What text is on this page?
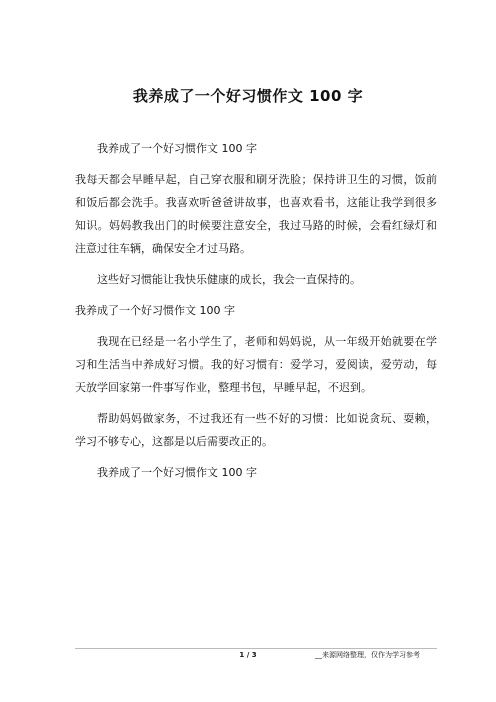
我养成了一个好习惯作文 100 字

我养成了一个好习惯作文 100 字

我每天都会早睡早起，自己穿衣服和刷牙洗脸；保持讲卫生的习惯，饭前和饭后都会洗手。我喜欢听爸爸讲故事，也喜欢看书，这能让我学到很多知识。妈妈教我出门的时候要注意安全，我过马路的时候，会看红绿灯和注意过往车辆，确保安全才过马路。

这些好习惯能让我快乐健康的成长，我会一直保持的。

我养成了一个好习惯作文 100 字

我现在已经是一名小学生了，老师和妈妈说，从一年级开始就要在学习和生活当中养成好习惯。我的好习惯有：爱学习，爱阅读，爱劳动，每天放学回家第一件事写作业，整理书包，早睡早起，不迟到。

帮助妈妈做家务，不过我还有一些不好的习惯：比如说贪玩、耍赖，学习不够专心，这都是以后需要改正的。

我养成了一个好习惯作文 100 字

1 / 3	__来源网络整理，仅作为学习参考
